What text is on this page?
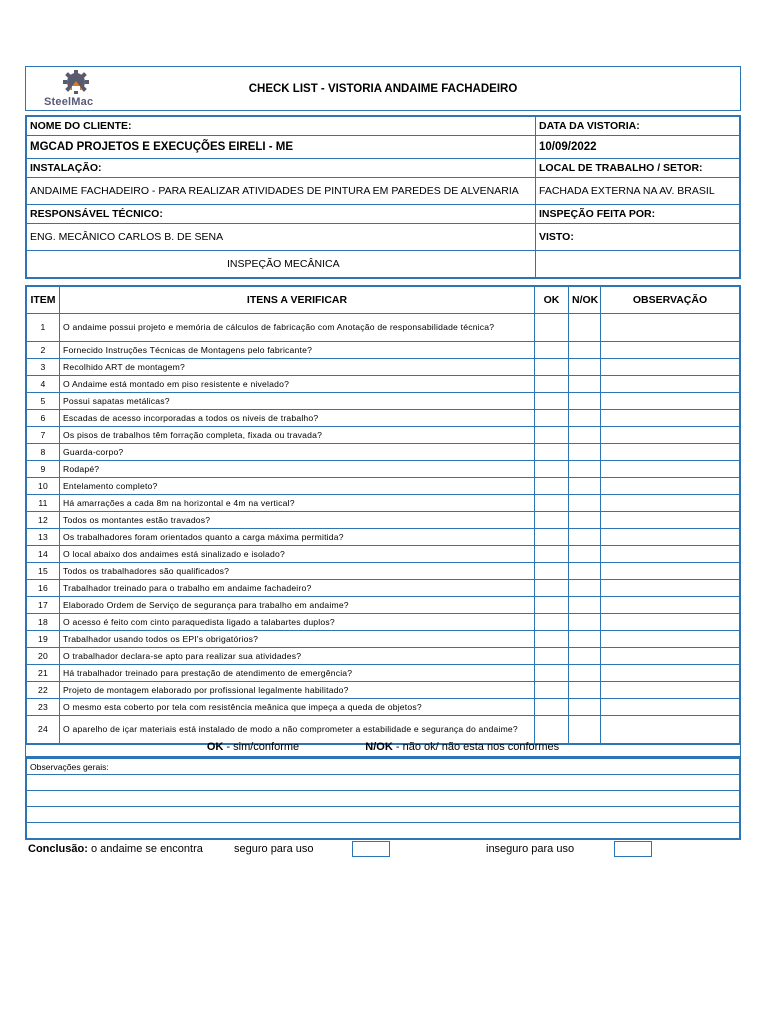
SteelMac
CHECK LIST - VISTORIA ANDAIME FACHADEIRO
NOME DO CLIENTE:	DATA DA VISTORIA:
MGCAD PROJETOS E EXECUÇÕES EIRELI - ME	10/09/2022
INSTALAÇÃO:	LOCAL DE TRABALHO / SETOR:
ANDAIME FACHADEIRO - PARA REALIZAR ATIVIDADES DE PINTURA EM PAREDES DE ALVENARIA	FACHADA EXTERNA NA AV. BRASIL
RESPONSÁVEL TÉCNICO:	INSPEÇÃO FEITA POR:
ENG. MECÂNICO CARLOS B. DE SENA	VISTO:
INSPEÇÃO MECÂNICA	
ITEM	ITENS A VERIFICAR	OK	N/OK	OBSERVAÇÃO
1	O andaime possui projeto e memória de cálculos de fabricação com Anotação de responsabilidade técnica?			
2	Fornecido Instruções Técnicas de Montagens pelo fabricante?			
3	Recolhido ART de montagem?			
4	O Andaime está montado em piso resistente e nivelado?			
5	Possui sapatas metálicas?			
6	Escadas de acesso incorporadas a todos os niveis de trabalho?			
7	Os pisos de trabalhos têm forração completa, fixada ou travada?			
8	Guarda-corpo?			
9	Rodapé?			
10	Entelamento completo?			
11	Há amarrações a cada 8m na horizontal e 4m na vertical?			
12	Todos os montantes estão travados?			
13	Os trabalhadores foram orientados quanto a carga máxima permitida?			
14	O local abaixo dos andaimes está sinalizado e isolado?			
15	Todos os trabalhadores são qualificados?			
16	Trabalhador treinado para o trabalho em andaime fachadeiro?			
17	Elaborado Ordem de Serviço de segurança para trabalho em andaime?			
18	O acesso é feito com cinto paraquedista ligado a talabartes duplos?			
19	Trabalhador usando todos os EPI's obrigatórios?			
20	O trabalhador declara-se apto para realizar sua atividades?			
21	Há trabalhador treinado para prestação de atendimento de emergência?			
22	Projeto de montagem elaborado por profissional legalmente habilitado?			
23	O mesmo esta coberto por tela com resistência meânica que impeça a queda de objetos?			
24	O aparelho de içar materiais está instalado de modo a não comprometer a estabilidade e segurança do andaime?			
OK - sim/conforme	N/OK - não ok/ não esta nos conformes
Observações gerais:

Conclusão: o andaime se encontra	seguro para uso	inseguro para uso
